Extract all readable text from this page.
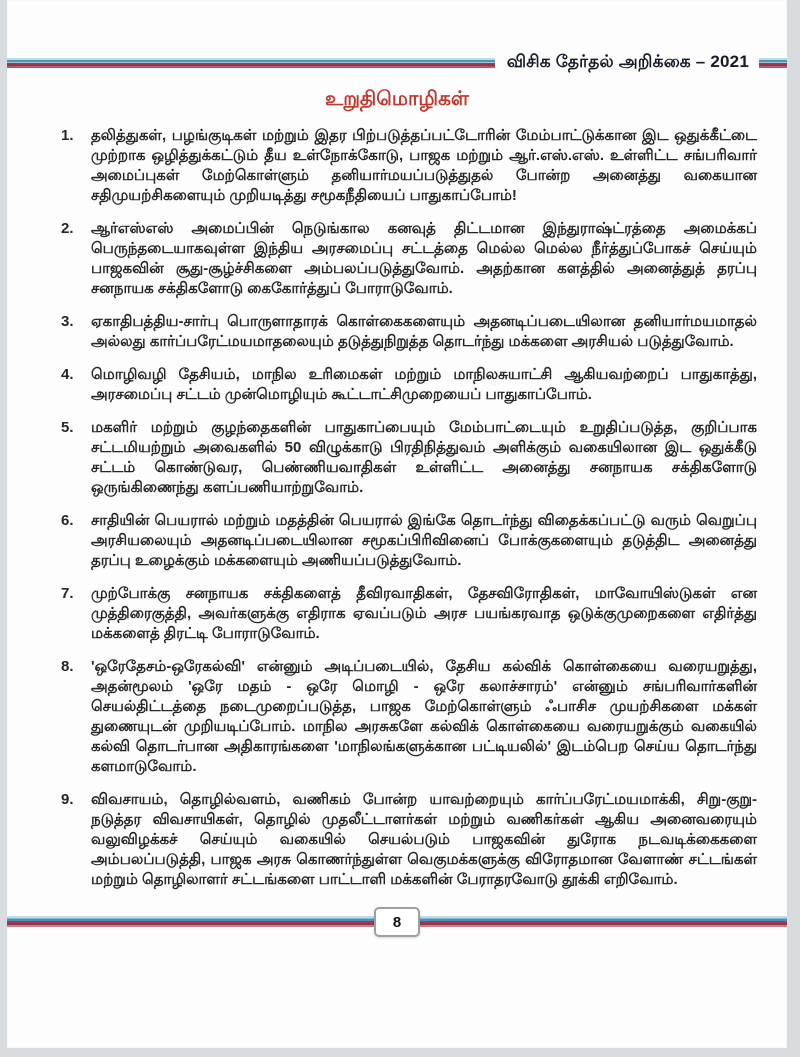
விசிக தேர்தல் அறிக்கை – 2021
உறுதிமொழிகள்
1.	தலித்துகள், பழங்குடிகள் மற்றும் இதர பிற்படுத்தப்பட்டோரின் மேம்பாட்டுக்கான இட ஒதுக்கீட்டை முற்றாக ஒழித்துக்கட்டும் தீய உள்நோக்கோடு, பாஜக மற்றும் ஆர்.எஸ்.எஸ். உள்ளிட்ட சங்பரிவார் அமைப்புகள் மேற்கொள்ளும் தனியார்மயப்படுத்துதல் போன்ற அனைத்து வகையான சதிமுயற்சிகளையும் முறியடித்து சமூகநீதியைப் பாதுகாப்போம்!
2.	ஆர்எஸ்எஸ் அமைப்பின் நெடுங்கால கனவுத் திட்டமான இந்துராஷ்ட்ரத்தை அமைக்கப் பெருந்தடையாகவுள்ள இந்திய அரசமைப்பு சட்டத்தை மெல்ல மெல்ல நீர்த்துப்போகச் செய்யும் பாஜகவின் சூது-சூழ்ச்சிகளை அம்பலப்படுத்துவோம். அதற்கான களத்தில் அனைத்துத் தரப்பு சனநாயக சக்திகளோடு கைகோர்த்துப் போராடுவோம்.
3.	ஏகாதிபத்திய-சார்பு பொருளாதாரக் கொள்கைகளையும் அதனடிப்படையிலான தனியார்மயமாதல் அல்லது கார்ப்பரேட்மயமாதலையும் தடுத்துநிறுத்த தொடர்ந்து மக்களை அரசியல் படுத்துவோம்.
4.	மொழிவழி தேசியம், மாநில உரிமைகள் மற்றும் மாநிலசுயாட்சி ஆகியவற்றைப் பாதுகாத்து, அரசமைப்பு சட்டம் முன்மொழியும் கூட்டாட்சிமுறையைப் பாதுகாப்போம்.
5.	மகளிர் மற்றும் குழந்தைகளின் பாதுகாப்பையும் மேம்பாட்டையும் உறுதிப்படுத்த, குறிப்பாக சட்டமியற்றும் அவைகளில் 50 விழுக்காடு பிரதிநித்துவம் அளிக்கும் வகையிலான இட ஒதுக்கீடு சட்டம் கொண்டுவர, பெண்ணியவாதிகள் உள்ளிட்ட அனைத்து சனநாயக சக்திகளோடு ஒருங்கிணைந்து களப்பணியாற்றுவோம்.
6.	சாதியின் பெயரால் மற்றும் மதத்தின் பெயரால் இங்கே தொடர்ந்து விதைக்கப்பட்டு வரும் வெறுப்பு அரசியலையும் அதனடிப்படையிலான சமூகப்பிரிவினைப் போக்குகளையும் தடுத்திட அனைத்து தரப்பு உழைக்கும் மக்களையும் அணியப்படுத்துவோம்.
7.	முற்போக்கு சனநாயக சக்திகளைத் தீவிரவாதிகள், தேசவிரோதிகள், மாவோயிஸ்டுகள் என முத்திரைகுத்தி, அவர்களுக்கு எதிராக ஏவப்படும் அரச பயங்கரவாத ஒடுக்குமுறைகளை எதிர்த்து மக்களைத் திரட்டி போராடுவோம்.
8.	'ஒரேதேசம்-ஒரேகல்வி' என்னும் அடிப்படையில், தேசிய கல்விக் கொள்கையை வரையறுத்து, அதன்மூலம் 'ஒரே மதம் - ஒரே மொழி - ஒரே கலாச்சாரம்' என்னும் சங்பரிவார்களின் செயல்திட்டத்தை நடைமுறைப்படுத்த, பாஜக மேற்கொள்ளும் ஃபாசிச முயற்சிகளை மக்கள் துணையுடன் முறியடிப்போம். மாநில அரசுகளே கல்விக் கொள்கையை வரையறுக்கும் வகையில் கல்வி தொடர்பான அதிகாரங்களை 'மாநிலங்களுக்கான பட்டியலில்' இடம்பெற செய்ய தொடர்ந்து களமாடுவோம்.
9.	விவசாயம், தொழில்வளம், வணிகம் போன்ற யாவற்றையும் கார்ப்பரேட்மயமாக்கி, சிறு-குறு-நடுத்தர விவசாயிகள், தொழில் முதலீட்டாளர்கள் மற்றும் வணிகர்கள் ஆகிய அனைவரையும் வலுவிழக்கச் செய்யும் வகையில் செயல்படும் பாஜகவின் துரோக நடவடிக்கைகளை அம்பலப்படுத்தி, பாஜக அரசு கொணர்ந்துள்ள வெகுமக்களுக்கு விரோதமான வேளாண் சட்டங்கள் மற்றும் தொழிலாளர் சட்டங்களை பாட்டாளி மக்களின் பேராதரவோடு தூக்கி எறிவோம்.
8
